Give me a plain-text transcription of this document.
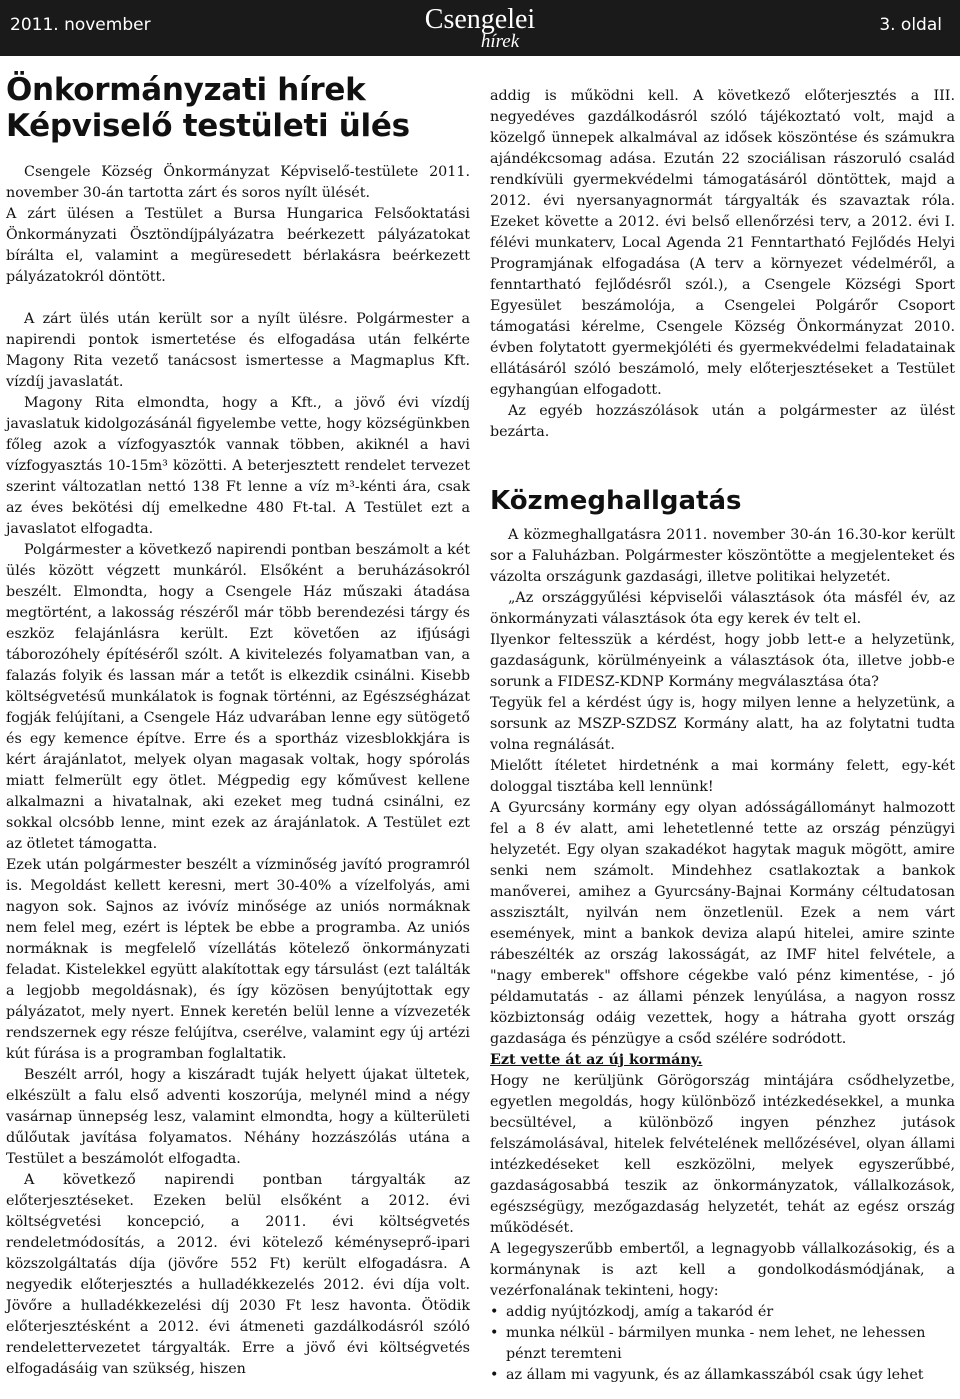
2011. november	Csengelei
hírek
3. oldal
Önkormányzati hírek
Képviselő testületi ülés

Csengele Község Önkormányzat Képviselő-testülete 2011. november 30-án tartotta zárt és soros nyílt ülését.

A zárt ülésen a Testület a Bursa Hungarica Felsőoktatási Önkormányzati Ösztöndíjpályázatra beérkezett pályázatokat bírálta el, valamint a megüresedett bérlakásra beérkezett pályázatokról döntött.

A zárt ülés után került sor a nyílt ülésre. Polgármester a napirendi pontok ismertetése és elfogadása után felkérte Magony Rita vezető tanácsost ismertesse a Magmaplus Kft. vízdíj javaslatát.

Magony Rita elmondta, hogy a Kft., a jövő évi vízdíj javaslatuk kidolgozásánál figyelembe vette, hogy községünkben főleg azok a vízfogyasztók vannak többen, akiknél a havi vízfogyasztás 10-15m³ közötti. A beterjesztett rendelet tervezet szerint változatlan nettó 138 Ft lenne a víz m³-kénti ára, csak az éves bekötési díj emelkedne 480 Ft-tal. A Testület ezt a javaslatot elfogadta.

Polgármester a következő napirendi pontban beszámolt a két ülés között végzett munkáról. Elsőként a beruházásokról beszélt. Elmondta, hogy a Csengele Ház műszaki átadása megtörtént, a lakosság részéről már több berendezési tárgy és eszköz felajánlásra került. Ezt követően az ifjúsági táborozóhely építéséről szólt. A kivitelezés folyamatban van, a falazás folyik és lassan már a tetőt is elkezdik csinálni. Kisebb költségvetésű munkálatok is fognak történni, az Egészségházat fogják felújítani, a Csengele Ház udvarában lenne egy sütögető és egy kemence építve. Erre és a sportház vizesblokkjára is kért árajánlatot, melyek olyan magasak voltak, hogy spórolás miatt felmerült egy ötlet. Mégpedig egy kőművest kellene alkalmazni a hivatalnak, aki ezeket meg tudná csinálni, ez sokkal olcsóbb lenne, mint ezek az árajánlatok. A Testület ezt az ötletet támogatta.

Ezek után polgármester beszélt a vízminőség javító programról is. Megoldást kellett keresni, mert 30-40% a vízelfolyás, ami nagyon sok. Sajnos az ivóvíz minősége az uniós normáknak nem felel meg, ezért is léptek be ebbe a programba. Az uniós normáknak is megfelelő vízellátás kötelező önkormányzati feladat. Kistelekkel együtt alakítottak egy társulást (ezt találták a legjobb megoldásnak), és így közösen benyújtottak egy pályázatot, mely nyert. Ennek keretén belül lenne a vízvezeték rendszernek egy része felújítva, cserélve, valamint egy új artézi kút fúrása is a programban foglaltatik.

Beszélt arról, hogy a kiszáradt tuják helyett újakat ültetek, elkészült a falu első adventi koszorúja, melynél mind a négy vasárnap ünnepség lesz, valamint elmondta, hogy a külterületi dűlőutak javítása folyamatos. Néhány hozzászólás utána a Testület a beszámolót elfogadta.

A következő napirendi pontban tárgyalták az előterjesztéseket. Ezeken belül elsőként a 2012. évi költségvetési koncepció, a 2011. évi költségvetés rendeletmódosítás, a 2012. évi kötelező kéményseprő-ipari közszolgáltatás díja (jövőre 552 Ft) került elfogadásra. A negyedik előterjesztés a hulladékkezelés 2012. évi díja volt. Jövőre a hulladékkezelési díj 2030 Ft lesz havonta. Ötödik előterjesztésként a 2012. évi átmeneti gazdálkodásról szóló rendelettervezetet tárgyalták. Erre a jövő évi költségvetés elfogadásáig van szükség, hiszen

addig is működni kell. A következő előterjesztés a III. negyedéves gazdálkodásról szóló tájékoztató volt, majd a közelgő ünnepek alkalmával az idősek köszöntése és számukra ajándékcsomag adása. Ezután 22 szociálisan rászoruló család rendkívüli gyermekvédelmi támogatásáról döntöttek, majd a 2012. évi nyersanyagnormát tárgyalták és szavaztak róla. Ezeket követte a 2012. évi belső ellenőrzési terv, a 2012. évi I. félévi munkaterv, Local Agenda 21 Fenntartható Fejlődés Helyi Programjának elfogadása (A terv a környezet védelméről, a fenntartható fejlődésről szól.), a Csengele Községi Sport Egyesület beszámolója, a Csengelei Polgárőr Csoport támogatási kérelme, Csengele Község Önkormányzat 2010. évben folytatott gyermekjóléti és gyermekvédelmi feladatainak ellátásáról szóló beszámoló, mely előterjesztéseket a Testület egyhangúan elfogadott.

Az egyéb hozzászólások után a polgármester az ülést bezárta.

Közmeghallgatás

A közmeghallgatásra 2011. november 30-án 16.30-kor került sor a Faluházban. Polgármester köszöntötte a megjelenteket és vázolta országunk gazdasági, illetve politikai helyzetét.

„Az országgyűlési képviselői választások óta másfél év, az önkormányzati választások óta egy kerek év telt el.

Ilyenkor feltesszük a kérdést, hogy jobb lett-e a helyzetünk, gazdaságunk, körülményeink a választások óta, illetve jobb-e sorunk a FIDESZ-KDNP Kormány megválasztása óta?

Tegyük fel a kérdést úgy is, hogy milyen lenne a helyzetünk, a sorsunk az MSZP-SZDSZ Kormány alatt, ha az folytatni tudta volna regnálását.

Mielőtt ítéletet hirdetnénk a mai kormány felett, egy-két dologgal tisztába kell lennünk!

A Gyurcsány kormány egy olyan adósságállományt halmozott fel a 8 év alatt, ami lehetetlenné tette az ország pénzügyi helyzetét. Egy olyan szakadékot hagytak maguk mögött, amire senki nem számolt. Mindehhez csatlakoztak a bankok manőverei, amihez a Gyurcsány-Bajnai Kormány céltudatosan asszisztált, nyilván nem önzetlenül. Ezek a nem várt események, mint a bankok deviza alapú hitelei, amire szinte rábeszélték az ország lakosságát, az IMF hitel felvétele, a "nagy emberek" offshore cégekbe való pénz kimentése, - jó példamutatás - az állami pénzek lenyúlása, a nagyon rossz közbiztonság odáig vezettek, hogy a hátraha gyott ország gazdasága és pénzügye a csőd szélére sodródott.

Ezt vette át az új kormány.

Hogy ne kerüljünk Görögország mintájára csődhelyzetbe, egyetlen megoldás, hogy különböző intézkedésekkel, a munka becsültével, a különböző ingyen pénzhez jutások felszámolásával, hitelek felvételének mellőzésével, olyan állami intézkedéseket kell eszközölni, melyek egyszerűbbé, gazdaságosabbá teszik az önkormányzatok, vállalkozások, egészségügy, mezőgazdaság helyzetét, tehát az egész ország működését.

A legegyszerűbb embertől, a legnagyobb vállalkozásokig, és a kormánynak is azt kell a gondolkodásmódjának, a vezérfonalának tekinteni, hogy:

• addig nyújtózkodj, amíg a takaród ér
• munka nélkül - bármilyen munka - nem lehet, ne lehessen pénzt teremteni
• az állam mi vagyunk, és az államkasszából csak úgy lehet
